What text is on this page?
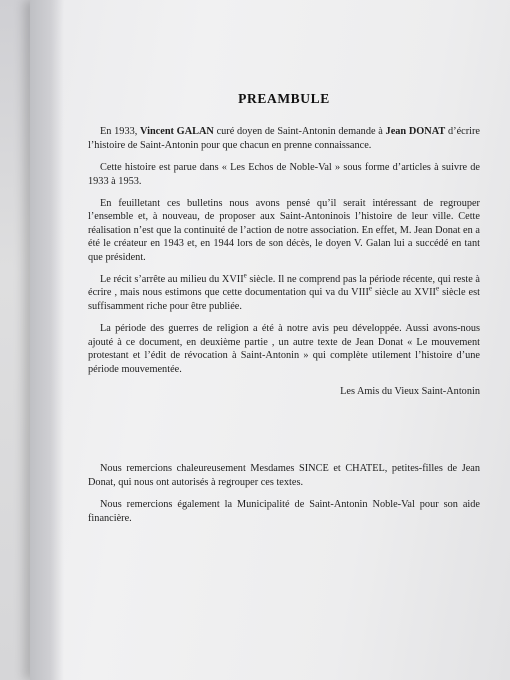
PREAMBULE

En 1933, Vincent GALAN curé doyen de Saint-Antonin demande à Jean DONAT d’écrire l’histoire de Saint-Antonin pour que chacun en prenne connaissance.

Cette histoire est parue dans « Les Echos de Noble-Val » sous forme d’articles à suivre de 1933 à 1953.

En feuilletant ces bulletins nous avons pensé qu’il serait intéressant de regrouper l’ensemble et, à nouveau, de proposer aux Saint-Antoninois l’histoire de leur ville. Cette réalisation n’est que la continuité de l’action de notre association. En effet, M. Jean Donat en a été le créateur en 1943 et, en 1944 lors de son décès, le doyen V. Galan lui a succédé en tant que président.

Le récit s’arrête au milieu du XVIIe siècle. Il ne comprend pas la période récente, qui reste à écrire , mais nous estimons que cette documentation qui va du VIIIe siècle au XVIIe siècle est suffisamment riche pour être publiée.

La période des guerres de religion a été à notre avis peu développée. Aussi avons-nous ajouté à ce document, en deuxième partie , un autre texte de Jean Donat « Le mouvement protestant et l’édit de révocation à Saint-Antonin » qui complète utilement l’histoire d’une période mouvementée.

Les Amis du Vieux Saint-Antonin

Nous remercions chaleureusement Mesdames SINCE et CHATEL, petites-filles de Jean Donat, qui nous ont autorisés à regrouper ces textes.

Nous remercions également la Municipalité de Saint-Antonin Noble-Val pour son aide financière.
